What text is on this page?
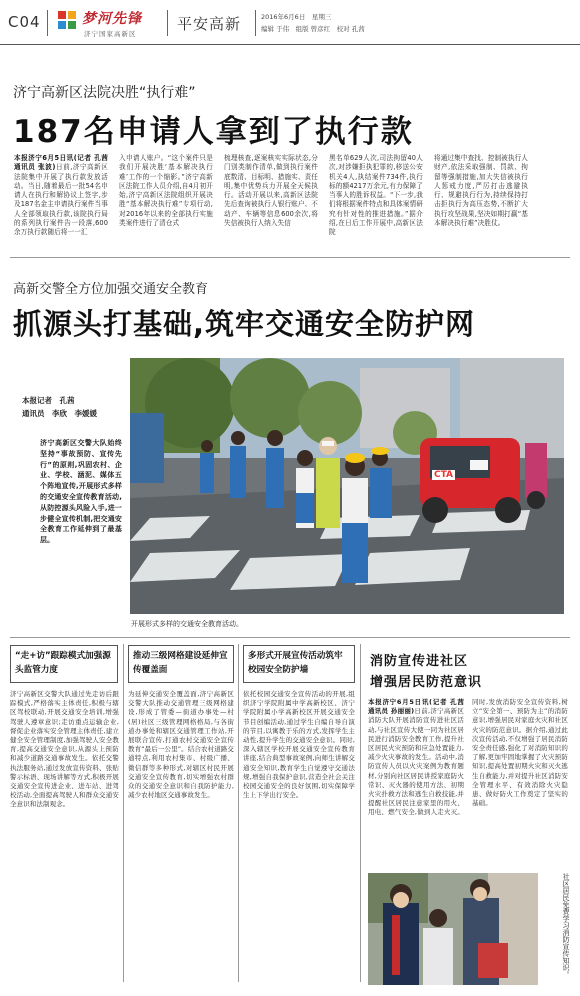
C04	梦河先锋
济宁国家高新区
平安高新	2016年6月6日　星期三
编辑 于伟　组版 曾彦红　校对 孔茜
济宁高新区法院决胜“执行难”
187名申请人拿到了执行款
本报济宁6月5日讯(记者 孔茜 通讯员 张波)日前,济宁高新区法院集中开展了执行款发放活动。当日,随着最后一批54名申请人在执行和解协议上签字,步及187名金主申请执行案件当事人全部领取执行款,该院执行局的系列执行案件告一段落,600余万执行款随后将一一汇
入申请人账户。“这个案件只是我们开展决胜‘基本解决执行难’工作的一个缩影。”济宁高新区法院工作人员介绍,自4月初开始,济宁高新区法院组织开展决胜“基本解决执行难”专项行动,对2016年以来的全部执行实施类案件进行了清仓式
梳理核查,逐案核实实际状态,分门别类制作清单,做到执行案件底数清、目标明、措施实、责任明,集中优势兵力开展全天候执行。活动开展以来,高新区法院先后查询被执行人银行账户、不动产、车辆等信息600余次,将失信被执行人纳入失信
黑名单629人次,司法拘留40人次,对涉嫌拒执犯罪的,移送公安机关4人,执结案件734件,执行标的额4217万余元,有力保障了当事人的胜诉权益。“下一步,我们将根据案件特点和具体案情研究有针对性的推进措施。”据介绍,在日后工作开展中,高新区法院
将通过集中查找、控制被执行人财产,依法采取强制、罚款、拘留等强制措施,加大失信被执行人惩戒力度,严厉打击逃避执行、规避执行行为,持续保持打击拒执行为高压态势,不断扩大执行攻坚战果,坚决如期打赢“基本解决执行难”决胜仗。
高新交警全方位加强交通安全教育
抓源头打基础,筑牢交通安全防护网
本报记者　孔茜
通讯员　李欣　李媛媛
济宁高新区交警大队始终坚持“事故预防、宣传先行”的原则,巩固农村、企业、学校、涵泥、媒体五个阵地宣传,开展形式多样的交通安全宣传教育活动,从防控源头风险入手,进一步健全宣传机制,把交通安全教育工作延伸到了最基层。
CTA
开展形式多样的交通安全教育活动。
“走+访”跟踪模式加强源头监管力度
济宁高新区交警大队通过先走访后跟踪模式,严格落实主体责任,积极与辖区驾校联动,开展交通安全培训,增强驾驶人遵章意识;走访重点运输企业,督促企业落实安全管理主体责任,建立健全安全管理制度,加强驾驶人安全教育,提高交通安全意识,从源头上预防和减少道路交通事故发生。依托交警执法服务站,通过发放宣传资料、张贴警示标语、现场讲解等方式,积极开展交通安全宣传进企业、进车站、进驾校活动,全面提高驾驶人和群众交通安全意识和法制观念。
推动三级网格建设延伸宣传覆盖面
为延伸交通安全覆盖面,济宁高新区交警大队推动交通管理三级网格建设,形成了管委—街道办事处—村(居)社区三级管理网格格局,与各街道办事处和辖区交通管理工作站,开展联合宣传,打通农村交通安全宣传教育“最后一公里”。结合农村道路交通特点,利用农村集市、村级广播、微信群等多种形式,对辖区村民开展交通安全宣传教育,切实增强农村群众的交通安全意识和自我防护能力,减少农村地区交通事故发生。
多形式开展宣传活动筑牢校园安全防护墙
依托校园交通安全宣传活动的开展,组织济宁学院附属中学高新校区、济宁学院附属小学高新校区开展交通安全节目创编活动,通过学生自编自导自演的节目,以寓教于乐的方式,发挥学生主动性,提升学生的交通安全意识。同时,深入辖区学校开展交通安全宣传教育讲座,结合典型事故案例,向师生讲解交通安全知识,教育学生自觉遵守交通法规,增强自我保护意识,营造全社会关注校园交通安全的良好氛围,切实保障学生上下学出行安全。
消防宣传进社区
增强居民防范意识
本报济宁6月5日讯(记者 孔茜 通讯员 孙丽丽)日前,济宁高新区消防大队开展消防宣传进社区活动,与社区宣传大使一同为社区居民进行消防安全教育工作,提升社区居民火灾预防和应急处置能力,减少火灾事故的发生。活动中,消防宣传人员以火灾案例为教育题材,分别向社区居民讲授家庭防火常识、灭火器的使用方法、初期火灾扑救方法和逃生自救技能,并提醒社区居民注意家里的用火、用电、燃气安全,做到人走火灭。同时,发放消防安全宣传资料,树立“安全第一、预防为主”的消防意识,增强居民对家庭火灾和社区火灾的防范意识。据介绍,通过此次宣传活动,不仅增强了居民消防安全责任感,强化了对消防知识的了解,更加牢固地掌握了火灾预防知识,提高处置初期火灾和灭火逃生自救能力,并对提升社区消防安全管理水平、有效消除火灾隐患、做好防火工作奠定了坚实的基础。
社区居民免费学习消防宣传知识。
